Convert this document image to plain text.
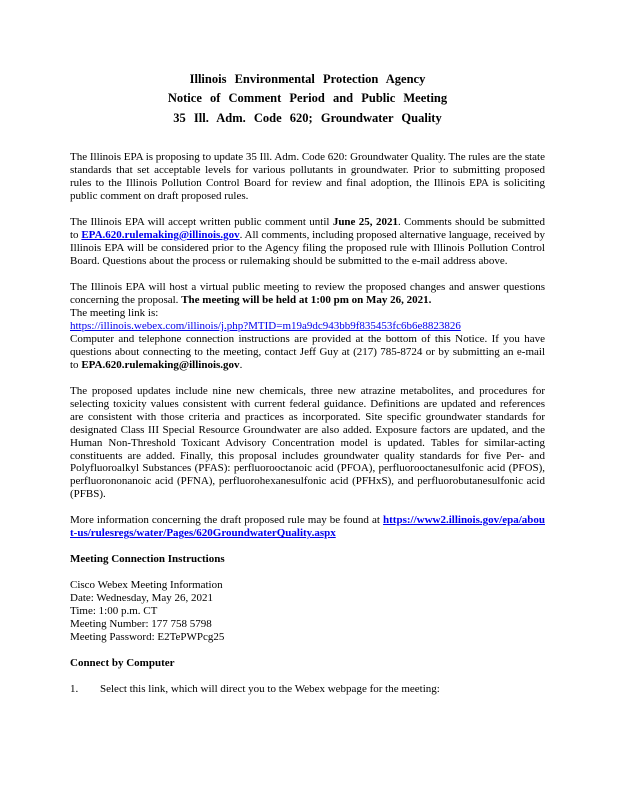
Illinois Environmental Protection Agency
Notice of Comment Period and Public Meeting
35 Ill. Adm. Code 620; Groundwater Quality

The Illinois EPA is proposing to update 35 Ill. Adm. Code 620: Groundwater Quality. The rules are the state standards that set acceptable levels for various pollutants in groundwater. Prior to submitting proposed rules to the Illinois Pollution Control Board for review and final adoption, the Illinois EPA is soliciting public comment on draft proposed rules.

The Illinois EPA will accept written public comment until June 25, 2021. Comments should be submitted to EPA.620.rulemaking@illinois.gov. All comments, including proposed alternative language, received by Illinois EPA will be considered prior to the Agency filing the proposed rule with Illinois Pollution Control Board. Questions about the process or rulemaking should be submitted to the e-mail address above.

The Illinois EPA will host a virtual public meeting to review the proposed changes and answer questions concerning the proposal. The meeting will be held at 1:00 pm on May 26, 2021.
The meeting link is:
https://illinois.webex.com/illinois/j.php?MTID=m19a9dc943bb9f835453fc6b6e8823826
Computer and telephone connection instructions are provided at the bottom of this Notice. If you have questions about connecting to the meeting, contact Jeff Guy at (217) 785-8724 or by submitting an e-mail to EPA.620.rulemaking@illinois.gov.

The proposed updates include nine new chemicals, three new atrazine metabolites, and procedures for selecting toxicity values consistent with current federal guidance. Definitions are updated and references are consistent with those criteria and practices as incorporated. Site specific groundwater standards for designated Class III Special Resource Groundwater are also added. Exposure factors are updated, and the Human Non-Threshold Toxicant Advisory Concentration model is updated. Tables for similar-acting constituents are added. Finally, this proposal includes groundwater quality standards for five Per- and Polyfluoroalkyl Substances (PFAS): perfluorooctanoic acid (PFOA), perfluorooctanesulfonic acid (PFOS), perfluorononanoic acid (PFNA), perfluorohexanesulfonic acid (PFHxS), and perfluorobutanesulfonic acid (PFBS).

More information concerning the draft proposed rule may be found at https://www2.illinois.gov/epa/about-us/rulesregs/water/Pages/620GroundwaterQuality.aspx

Meeting Connection Instructions
Cisco Webex Meeting Information
Date: Wednesday, May 26, 2021
Time: 1:00 p.m. CT
Meeting Number: 177 758 5798
Meeting Password: E2TePWPcg25
Connect by Computer
1.	Select this link, which will direct you to the Webex webpage for the meeting:
